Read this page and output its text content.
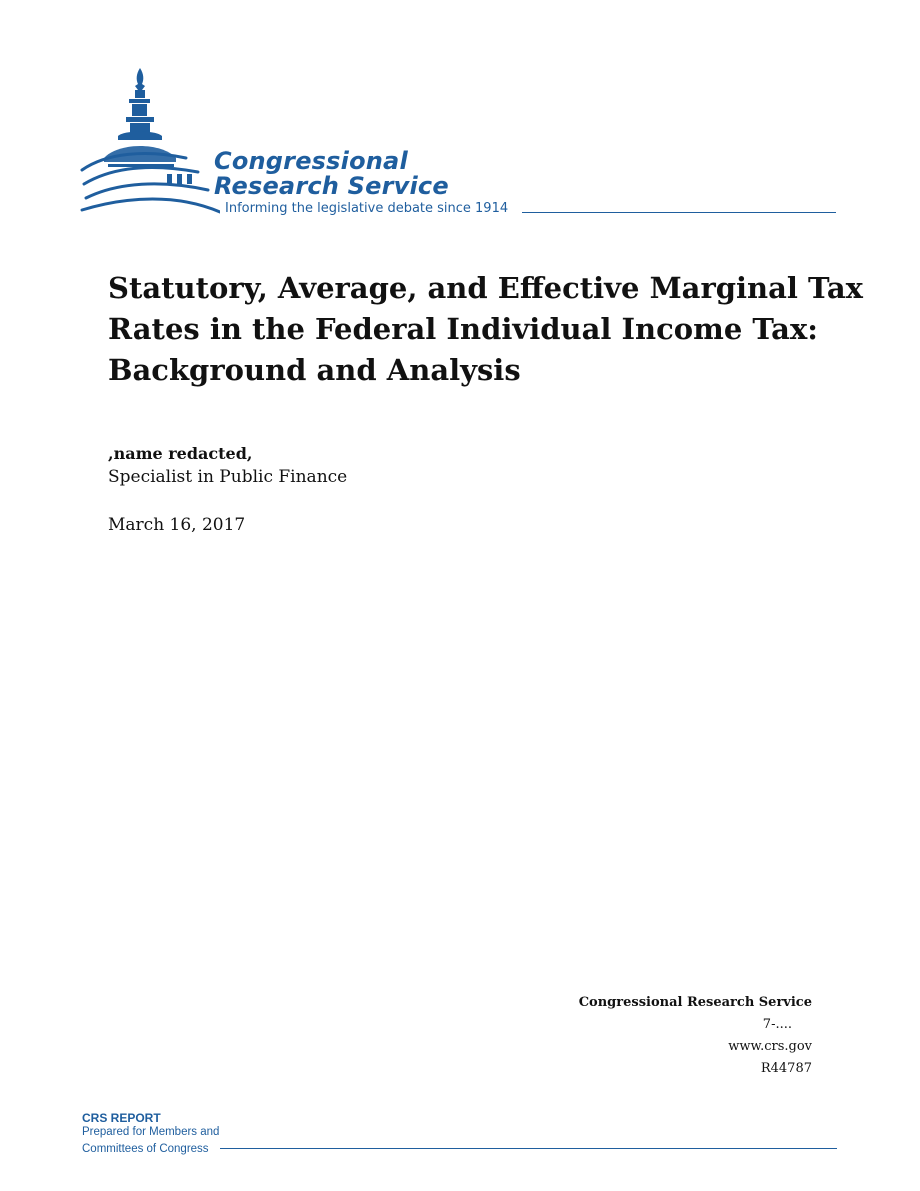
Congressional
Research Service
Informing the legislative debate since 1914
Statutory, Average, and Effective Marginal Tax
Rates in the Federal Individual Income Tax:
Background and Analysis
,name redacted,
Specialist in Public Finance
March 16, 2017
Congressional Research Service
7-....
www.crs.gov
R44787
CRS REPORT
Prepared for Members and
Committees of Congress
